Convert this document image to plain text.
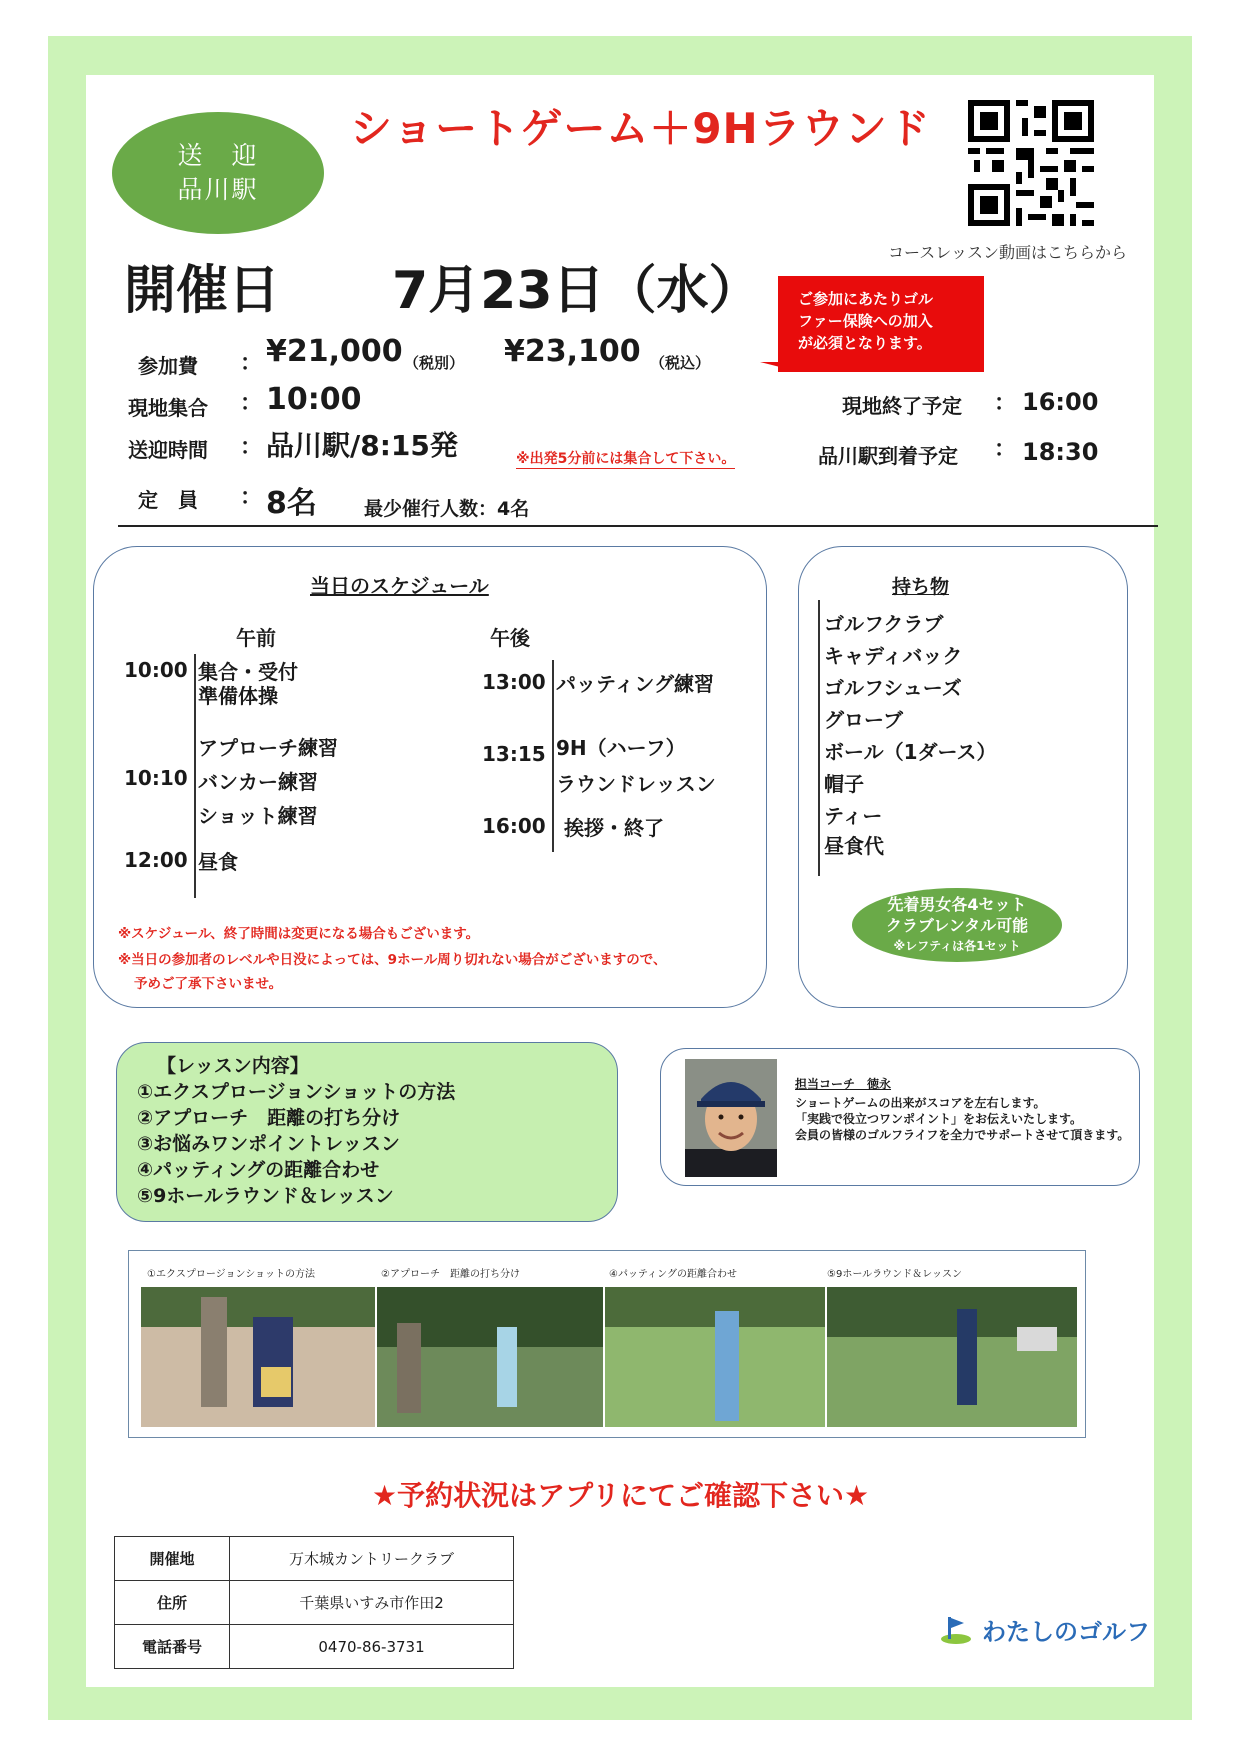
送　迎
品川駅
ショートゲーム＋9Hラウンド
コースレッスン動画はこちらから
開催日 7月23日（水） ご参加にあたりゴル
ファー保険への加入
が必須となります。
参加費 ： ¥21,000 （税別） ¥23,100 （税込）
現地集合 ： 10:00	現地終了予定 ： 16:00
送迎時間 ： 品川駅/8:15発	※出発5分前には集合して下さい。	品川駅到着予定 ： 18:30
定　員 ： 8名 最少催行人数：4名
当日のスケジュール
午前	午後
10:00 集合・受付
準備体操
アプローチ練習
10:10 バンカー練習
ショット練習
12:00 昼食
13:00 パッティング練習
13:15 9H（ハーフ）
ラウンドレッスン
16:00 挨拶・終了
※スケジュール、終了時間は変更になる場合もございます。
※当日の参加者のレベルや日没によっては、9ホール周り切れない場合がございますので、
予めご了承下さいませ。
持ち物
ゴルフクラブ
キャディバック
ゴルフシューズ
グローブ
ボール（1ダース）
帽子
ティー
昼食代
先着男女各4セット
クラブレンタル可能
※レフティは各1セット
【レッスン内容】
①エクスプロージョンショットの方法
②アプローチ　距離の打ち分け
③お悩みワンポイントレッスン
④パッティングの距離合わせ
⑤9ホールラウンド＆レッスン
担当コーチ　徳永
ショートゲームの出来がスコアを左右します。
「実践で役立つワンポイント」をお伝えいたします。
会員の皆様のゴルフライフを全力でサポートさせて頂きます。
①エクスプロージョンショットの方法	②アプローチ　距離の打ち分け	④パッティングの距離合わせ	⑤9ホールラウンド＆レッスン
★予約状況はアプリにてご確認下さい★
開催地	万木城カントリークラブ
住所	千葉県いすみ市作田2
電話番号	0470-86-3731
わたしのゴルフ
